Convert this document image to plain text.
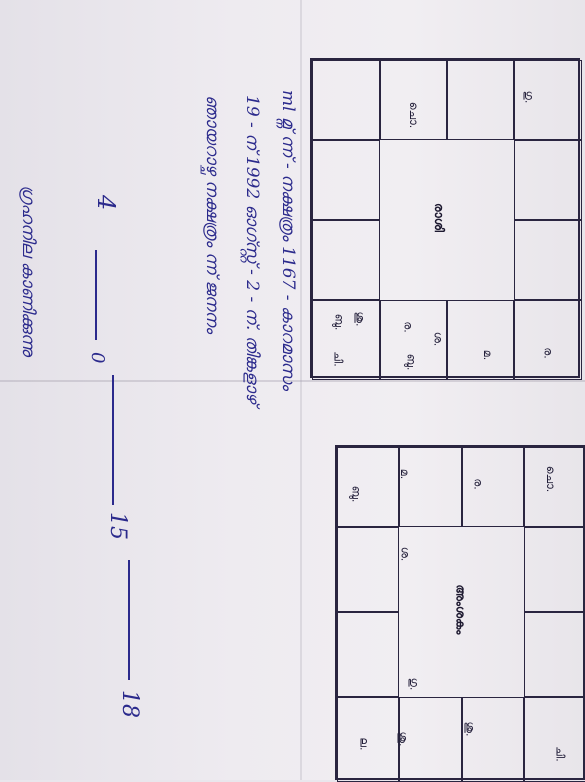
രാശി
ഗു.
ചൊ.
മ.	ര.
ചി.
ശു.
ബു.	ര.
ബു.
ശ.
അംശകം
ര.
ശ.
ചൊ.
ഗു.
ചി.
ബു.
മ.
ശു.
ല. ശു.
ml മ്ന് ന്ന് - നക്ഷത്രം 1167 - കാറമാസം
19 - ന് 1992 ഓഗ്സ്റ്റ് - 2 - ന്. തിങ്കളാഴ്
ഞായറാഴ്ച നക്ഷത്രം ന്ന് ജനനം
4
0
15
18
ഗ്രഹനില കാണിക്കുന്നു
